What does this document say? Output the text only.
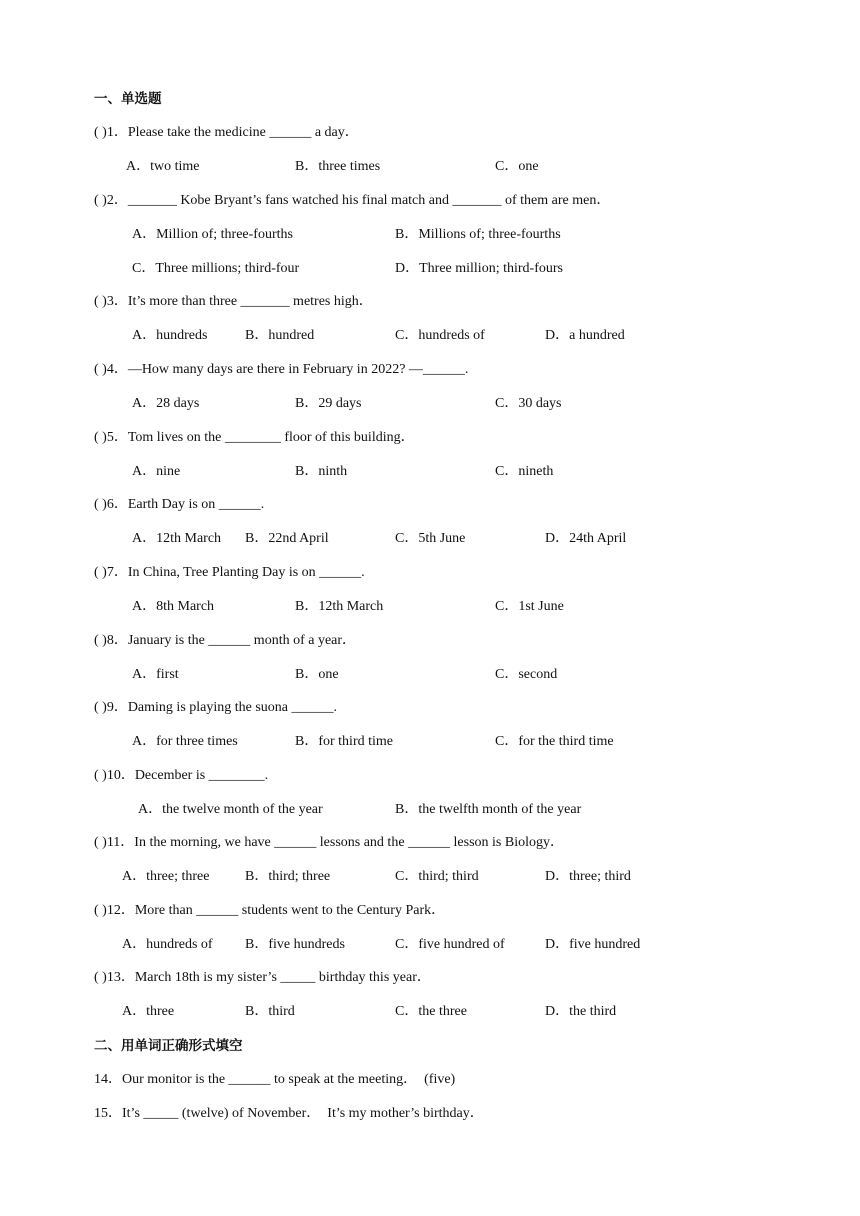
一、单选题
( )1．Please take the medicine ______ a day．
A．two time	B．three times	C．one
( )2．_______ Kobe Bryant’s fans watched his final match and _______ of them are men．
A．Million of; three-fourths	B．Millions of; three-fourths
C．Three millions; third-four	D．Three million; third-fours
( )3．It’s more than three _______ metres high．
A．hundreds	B．hundred	C．hundreds of	D．a hundred
( )4．—How many days are there in February in 2022? —______.
A．28 days	B．29 days	C．30 days
( )5．Tom lives on the ________ floor of this building．
A．nine	B．ninth	C．nineth
( )6．Earth Day is on ______.
A．12th March B．22nd April	C．5th June	D．24th April
( )7．In China, Tree Planting Day is on ______.
A．8th March	B．12th March	C．1st June
( )8．January is the ______ month of a year．
A．first	B．one	C．second
( )9．Daming is playing the suona ______.
A．for three times	B．for third time	C．for the third time
( )10．December is ________.
A．the twelve month of the year	B．the twelfth month of the year
( )11．In the morning, we have ______ lessons and the ______ lesson is Biology．
A．three; three	B．third; three	C．third; third	D．three; third
( )12．More than ______ students went to the Century Park．
A．hundreds of B．five hundreds	C．five hundred of	D．five hundred
( )13．March 18th is my sister’s _____ birthday this year．
A．three	B．third	C．the three	D．the third
二、用单词正确形式填空
14．Our monitor is the ______ to speak at the meeting．  (five)
15．It’s _____ (twelve) of November．  It’s my mother’s birthday．
